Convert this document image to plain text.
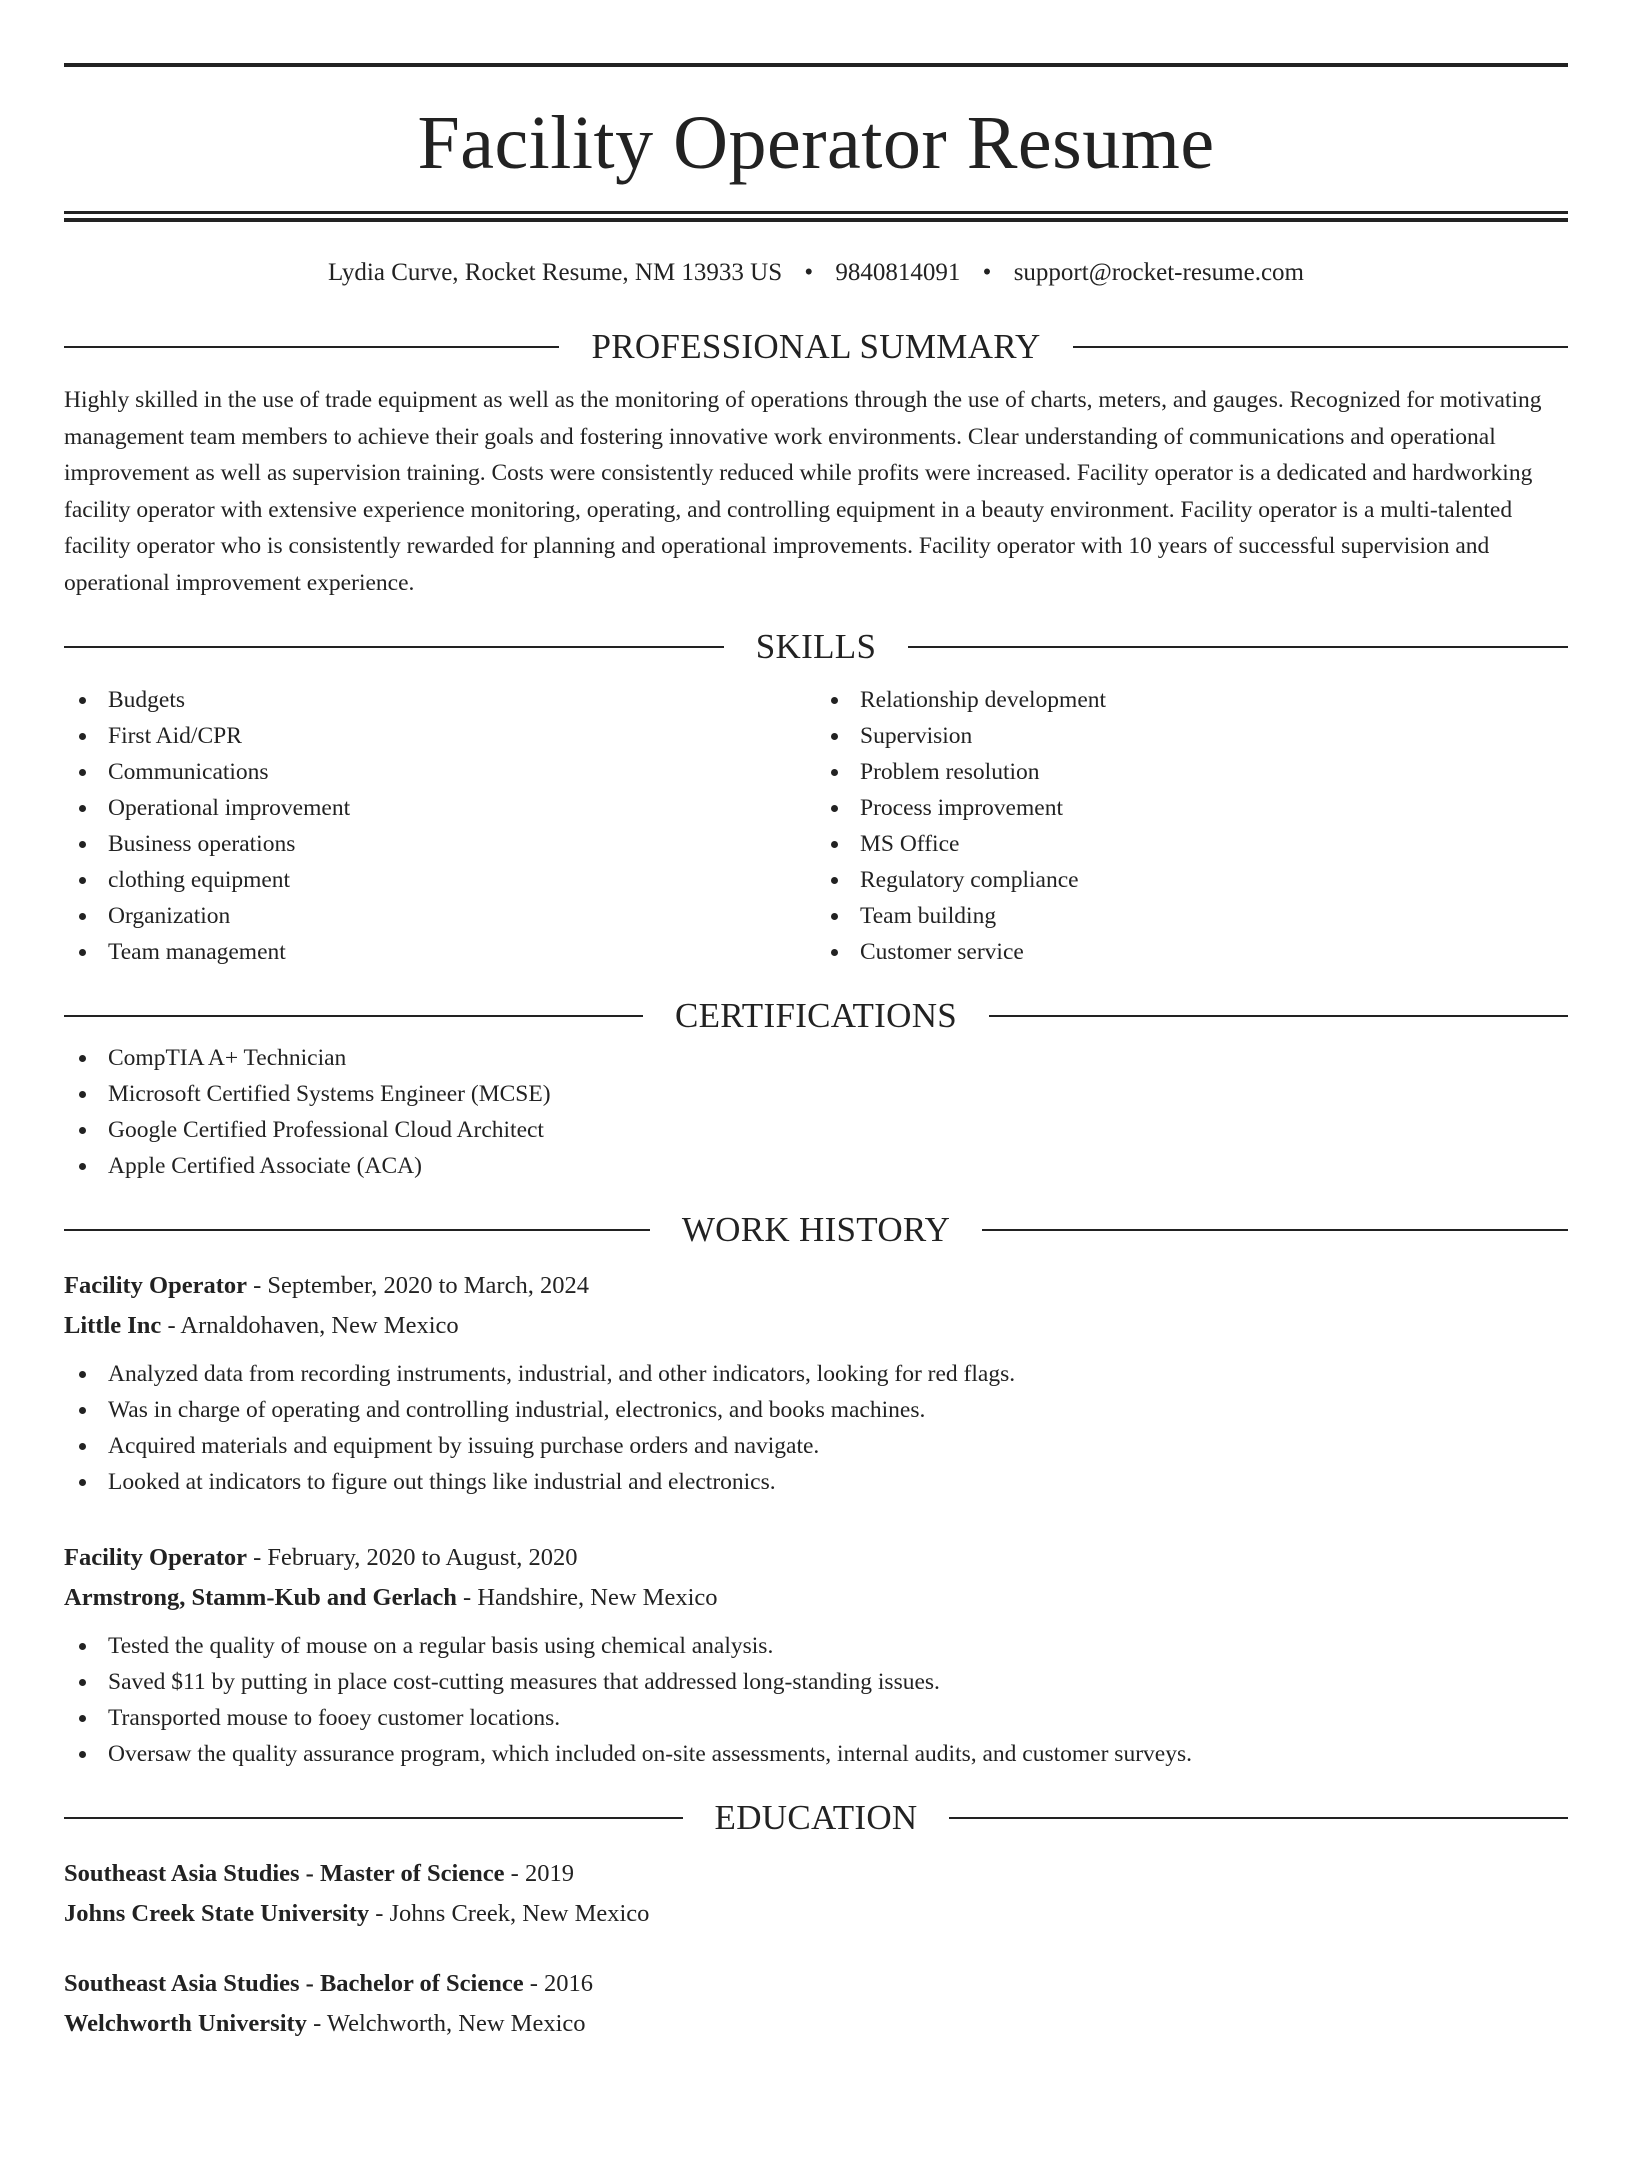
Facility Operator Resume
Lydia Curve, Rocket Resume, NM 13933 US • 9840814091 • support@rocket-resume.com
PROFESSIONAL SUMMARY
Highly skilled in the use of trade equipment as well as the monitoring of operations through the use of charts, meters, and gauges. Recognized for motivating management team members to achieve their goals and fostering innovative work environments. Clear understanding of communications and operational improvement as well as supervision training. Costs were consistently reduced while profits were increased. Facility operator is a dedicated and hardworking facility operator with extensive experience monitoring, operating, and controlling equipment in a beauty environment. Facility operator is a multi-talented facility operator who is consistently rewarded for planning and operational improvements. Facility operator with 10 years of successful supervision and operational improvement experience.
SKILLS
Budgets
First Aid/CPR
Communications
Operational improvement
Business operations
clothing equipment
Organization
Team management
Relationship development
Supervision
Problem resolution
Process improvement
MS Office
Regulatory compliance
Team building
Customer service
CERTIFICATIONS
CompTIA A+ Technician
Microsoft Certified Systems Engineer (MCSE)
Google Certified Professional Cloud Architect
Apple Certified Associate (ACA)
WORK HISTORY
Facility Operator - September, 2020 to March, 2024
Little Inc - Arnaldohaven, New Mexico
Analyzed data from recording instruments, industrial, and other indicators, looking for red flags.
Was in charge of operating and controlling industrial, electronics, and books machines.
Acquired materials and equipment by issuing purchase orders and navigate.
Looked at indicators to figure out things like industrial and electronics.
Facility Operator - February, 2020 to August, 2020
Armstrong, Stamm-Kub and Gerlach - Handshire, New Mexico
Tested the quality of mouse on a regular basis using chemical analysis.
Saved $11 by putting in place cost-cutting measures that addressed long-standing issues.
Transported mouse to fooey customer locations.
Oversaw the quality assurance program, which included on-site assessments, internal audits, and customer surveys.
EDUCATION
Southeast Asia Studies - Master of Science - 2019
Johns Creek State University - Johns Creek, New Mexico
Southeast Asia Studies - Bachelor of Science - 2016
Welchworth University - Welchworth, New Mexico
